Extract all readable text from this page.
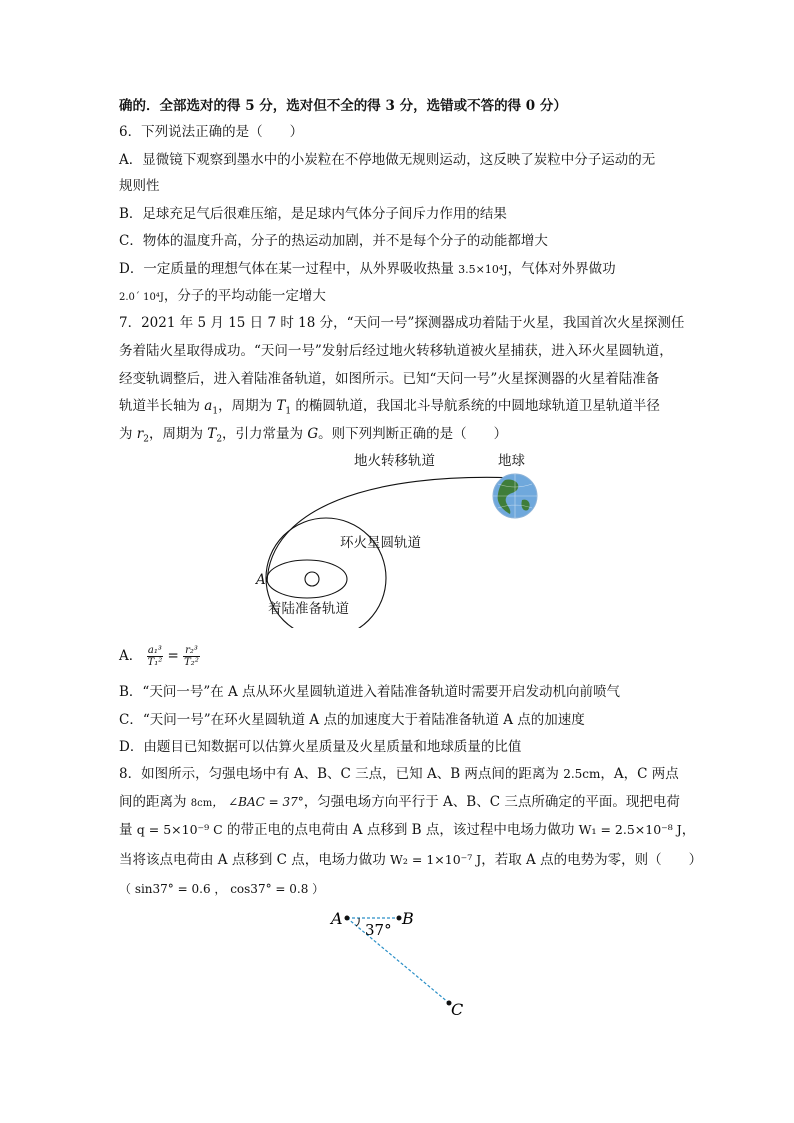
确的．全部选对的得 5 分，选对但不全的得 3 分，选错或不答的得 0 分）
6．下列说法正确的是（　　）
A．显微镜下观察到墨水中的小炭粒在不停地做无规则运动，这反映了炭粒中分子运动的无
规则性
B．足球充足气后很难压缩，是足球内气体分子间斥力作用的结果
C．物体的温度升高，分子的热运动加剧，并不是每个分子的动能都增大
D．一定质量的理想气体在某一过程中，从外界吸收热量 3.5×10⁴J，气体对外界做功
2.0´ 10⁴J，分子的平均动能一定增大
7．2021 年 5 月 15 日 7 时 18 分，“天问一号”探测器成功着陆于火星，我国首次火星探测任
务着陆火星取得成功。“天问一号”发射后经过地火转移轨道被火星捕获，进入环火星圆轨道，
经变轨调整后，进入着陆准备轨道，如图所示。已知“天问一号”火星探测器的火星着陆准备
轨道半长轴为 $a_1$，周期为 $T_1$ 的椭圆轨道，我国北斗导航系统的中圆地球轨道卫星轨道半径
为 $r_2$，周期为 $T_2$，引力常量为 G。则下列判断正确的是（　　）
地火转移轨道	地球
环火星圆轨道
着陆准备轨道
A
A． $\frac{\text{a₁³}}{\text{T₁²}} = \frac{\text{r₂³}}{\text{T₂²}}$
B．“天问一号”在 A 点从环火星圆轨道进入着陆准备轨道时需要开启发动机向前喷气
C．“天问一号”在环火星圆轨道 A 点的加速度大于着陆准备轨道 A 点的加速度
D．由题目已知数据可以估算火星质量及火星质量和地球质量的比值
8．如图所示，匀强电场中有 A、B、C 三点，已知 A、B 两点间的距离为 2.5cm，A，C 两点
间的距离为 8cm， ∠BAC = 37°，匀强电场方向平行于 A、B、C 三点所确定的平面。现把电荷
量 q = 5×10⁻⁹ C 的带正电的点电荷由 A 点移到 B 点，该过程中电场力做功 W₁ = 2.5×10⁻⁸ J，
当将该点电荷由 A 点移到 C 点，电场力做功 W₂ = 1×10⁻⁷ J，若取 A 点的电势为零，则（　　）
（ sin37° = 0.6 ， cos37° = 0.8 ）
A	B
C
37°
